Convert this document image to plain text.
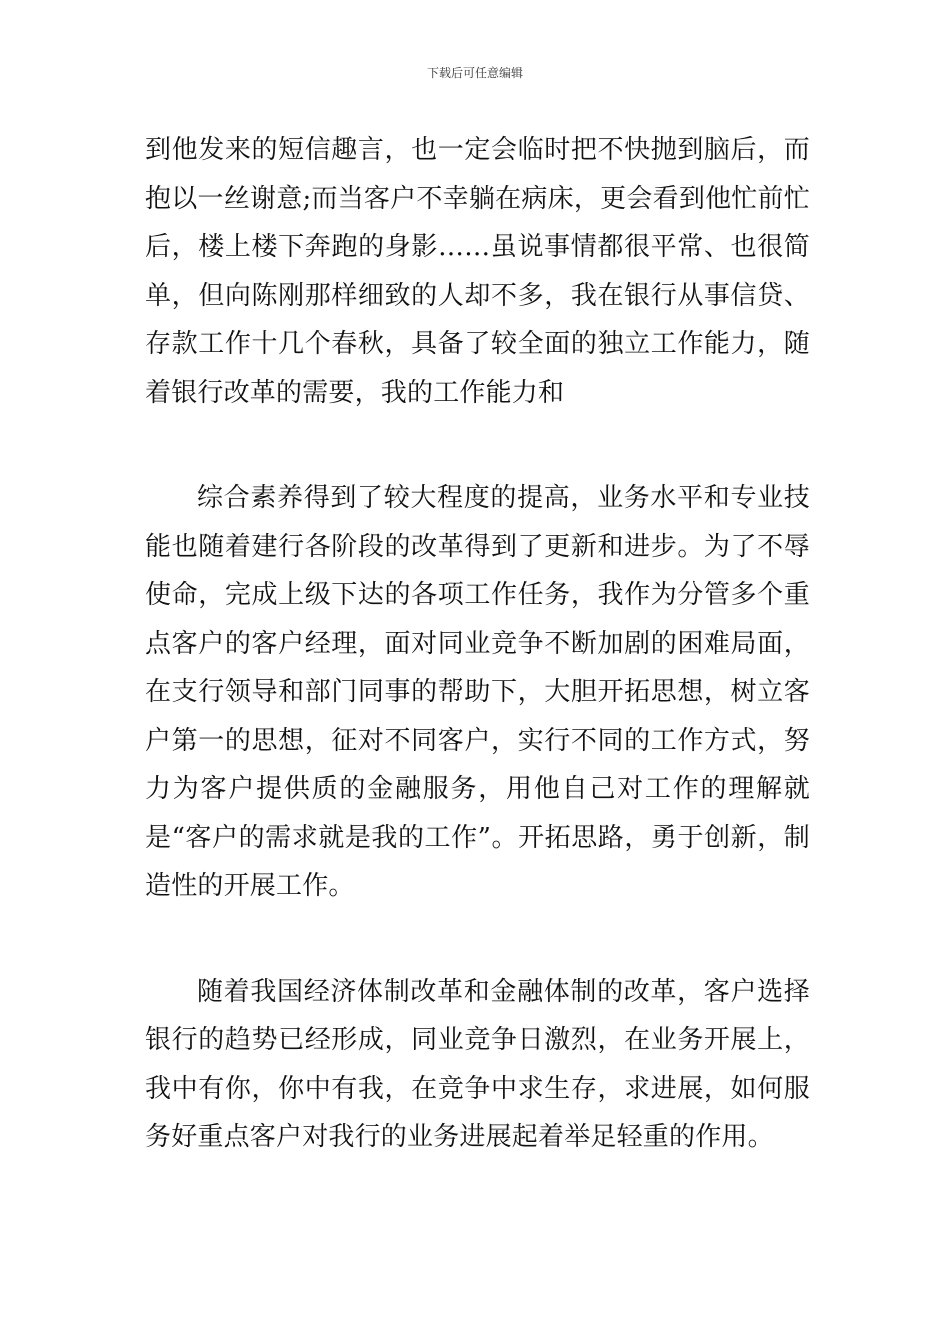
下载后可任意编辑

到他发来的短信趣言，也一定会临时把不快抛到脑后，而抱以一丝谢意;而当客户不幸躺在病床，更会看到他忙前忙后，楼上楼下奔跑的身影……虽说事情都很平常、也很简单，但向陈刚那样细致的人却不多，我在银行从事信贷、存款工作十几个春秋，具备了较全面的独立工作能力，随着银行改革的需要，我的工作能力和

综合素养得到了较大程度的提高，业务水平和专业技能也随着建行各阶段的改革得到了更新和进步。为了不辱使命，完成上级下达的各项工作任务，我作为分管多个重点客户的客户经理，面对同业竞争不断加剧的困难局面，在支行领导和部门同事的帮助下，大胆开拓思想，树立客户第一的思想，征对不同客户，实行不同的工作方式，努力为客户提供质的金融服务，用他自己对工作的理解就是“客户的需求就是我的工作”。开拓思路，勇于创新，制造性的开展工作。

随着我国经济体制改革和金融体制的改革，客户选择银行的趋势已经形成，同业竞争日激烈，在业务开展上，我中有你，你中有我，在竞争中求生存，求进展，如何服务好重点客户对我行的业务进展起着举足轻重的作用。
